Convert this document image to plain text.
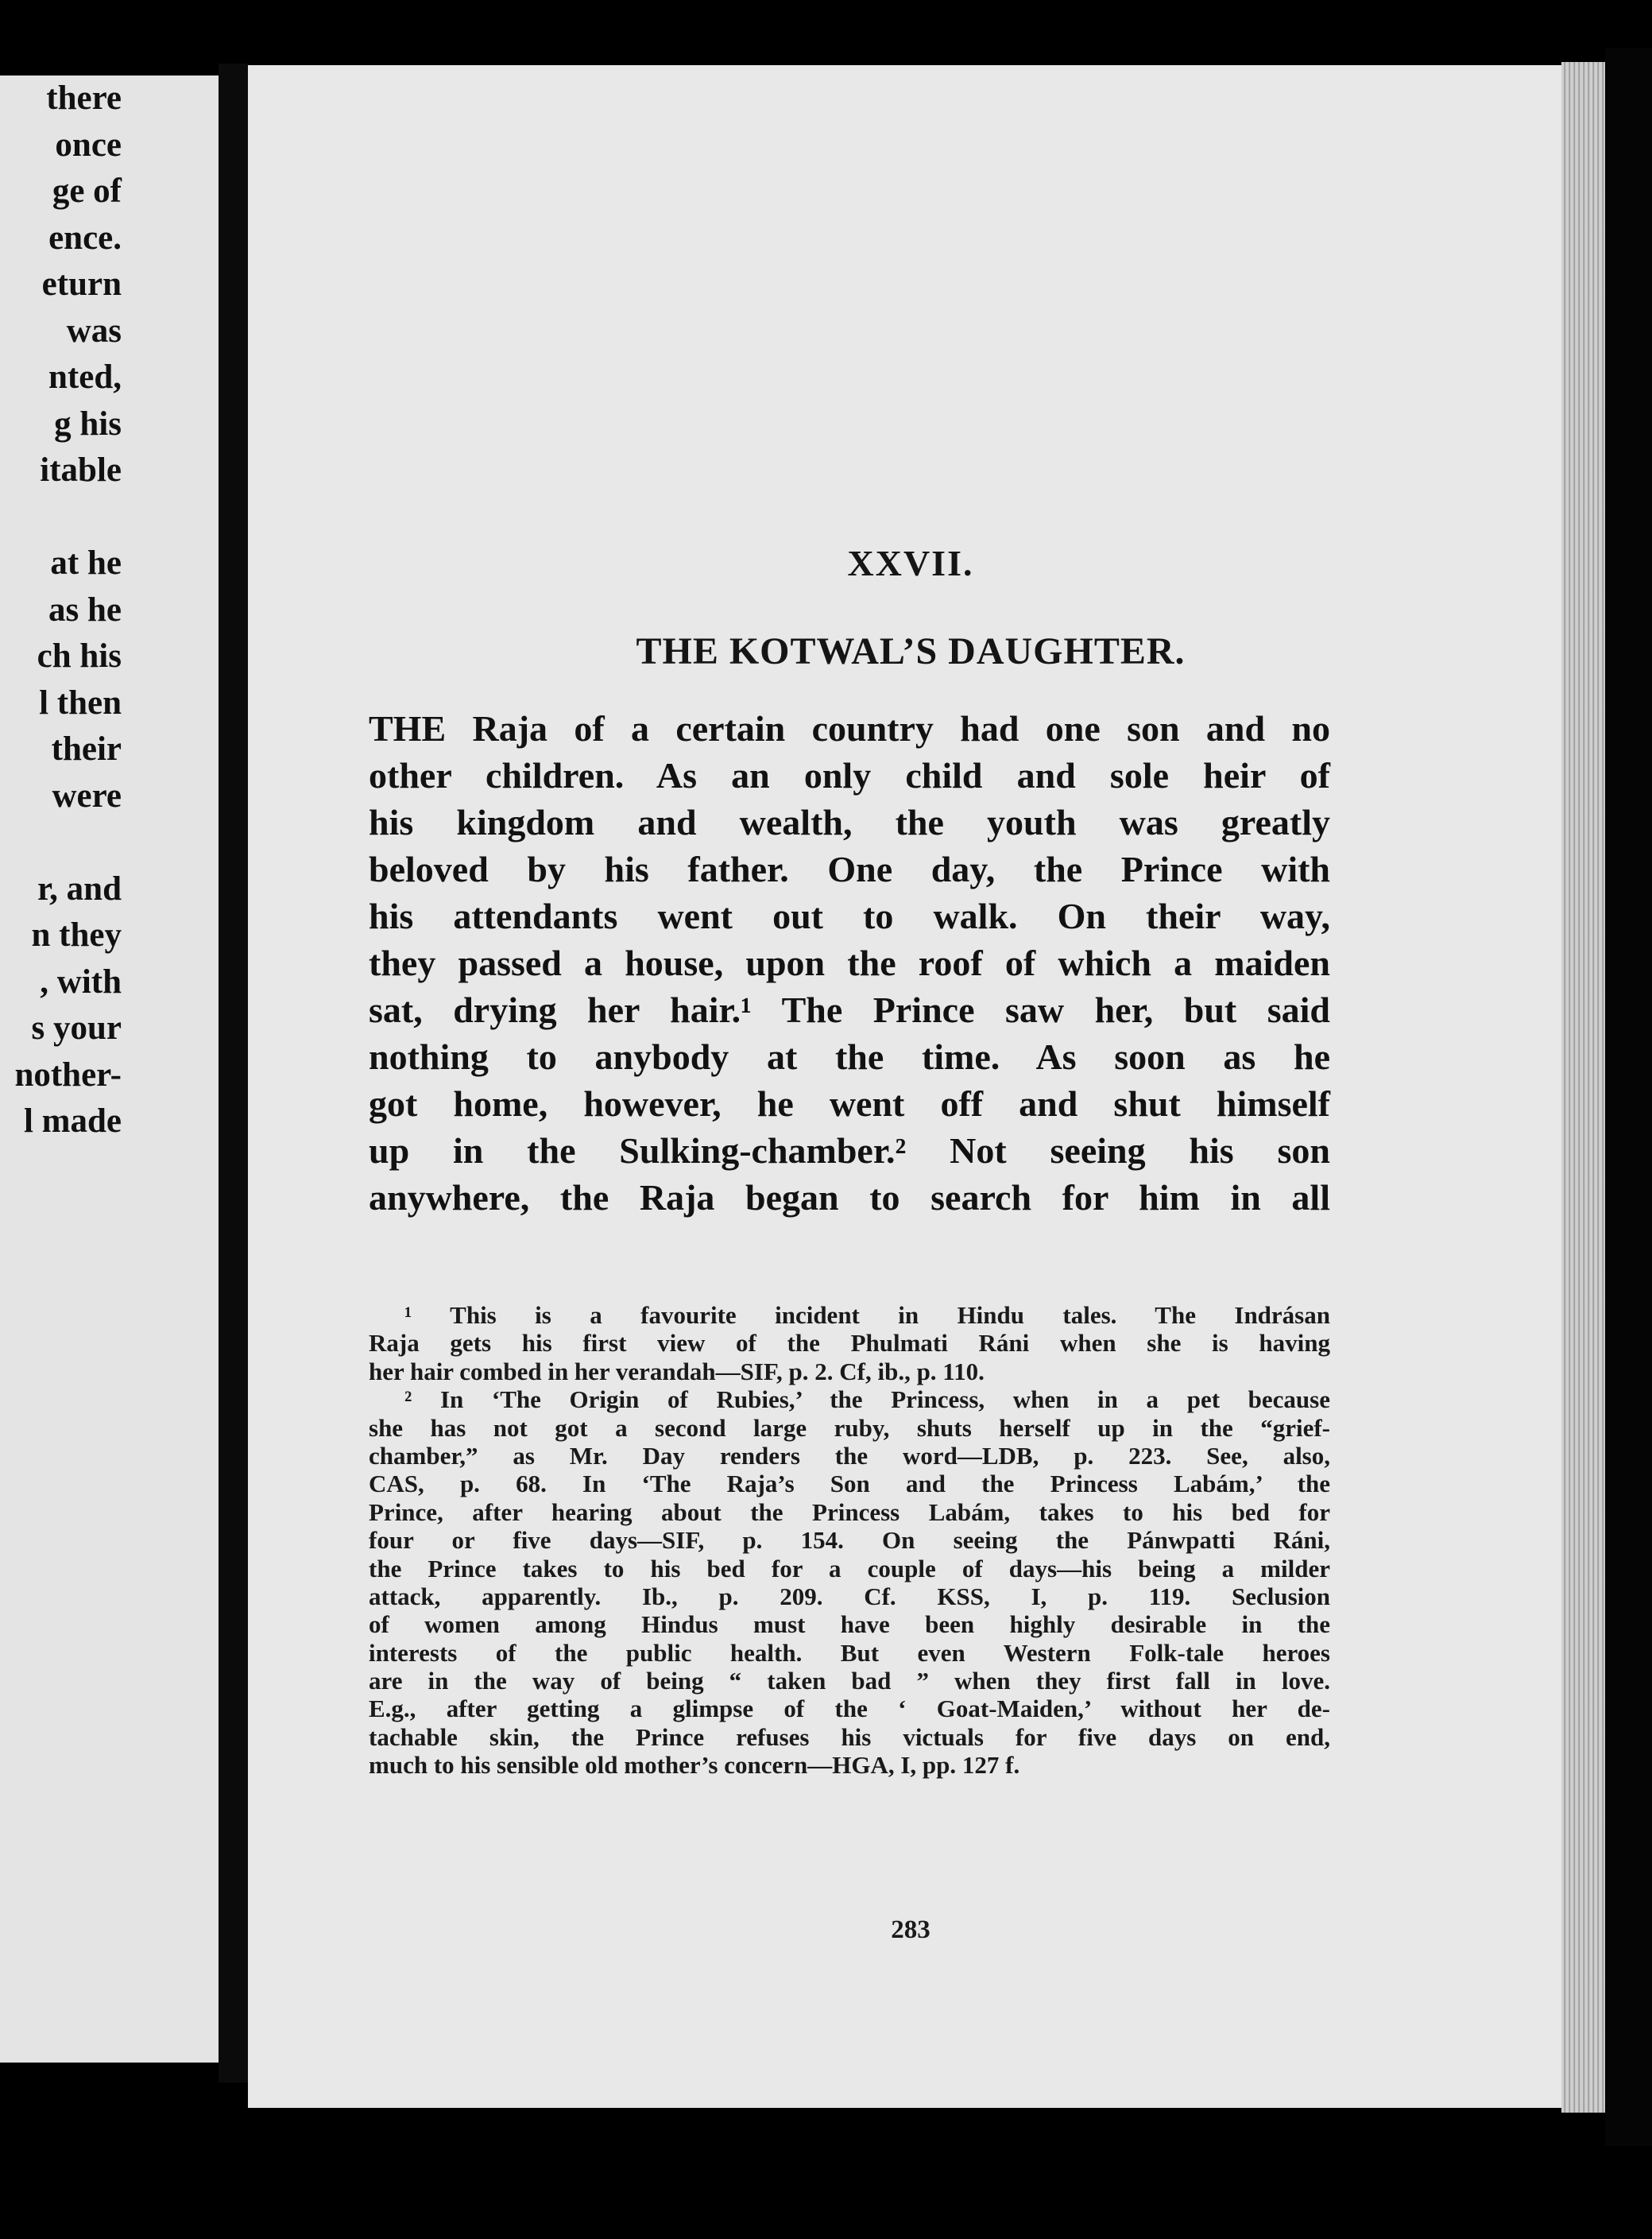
there
once
ge of
ence.
eturn
was
nted,
g his
itable
at he
as he
ch his
l then
their
were
r, and
n they
, with
s your
nother-
l made
XXVII.
THE KOTWAL’S DAUGHTER.
THE Raja of a certain country had one son and no
other children. As an only child and sole heir of
his kingdom and wealth, the youth was greatly
beloved by his father. One day, the Prince with
his attendants went out to walk. On their way,
they passed a house, upon the roof of which a maiden
sat, drying her hair.¹ The Prince saw her, but said
nothing to anybody at the time. As soon as he
got home, however, he went off and shut himself
up in the Sulking-chamber.² Not seeing his son
anywhere, the Raja began to search for him in all
¹ This is a favourite incident in Hindu tales. The Indrásan
Raja gets his first view of the Phulmati Ráni when she is having
her hair combed in her verandah—SIF, p. 2. Cf, ib., p. 110.
² In ‘The Origin of Rubies,’ the Princess, when in a pet because
she has not got a second large ruby, shuts herself up in the “grief-
chamber,” as Mr. Day renders the word—LDB, p. 223. See, also,
CAS, p. 68. In ‘The Raja’s Son and the Princess Labám,’ the
Prince, after hearing about the Princess Labám, takes to his bed for
four or five days—SIF, p. 154. On seeing the Pánwpatti Ráni,
the Prince takes to his bed for a couple of days—his being a milder
attack, apparently. Ib., p. 209. Cf. KSS, I, p. 119. Seclusion
of women among Hindus must have been highly desirable in the
interests of the public health. But even Western Folk-tale heroes
are in the way of being “ taken bad ” when they first fall in love.
E.g., after getting a glimpse of the ‘ Goat-Maiden,’ without her de-
tachable skin, the Prince refuses his victuals for five days on end,
much to his sensible old mother’s concern—HGA, I, pp. 127 f.
283
